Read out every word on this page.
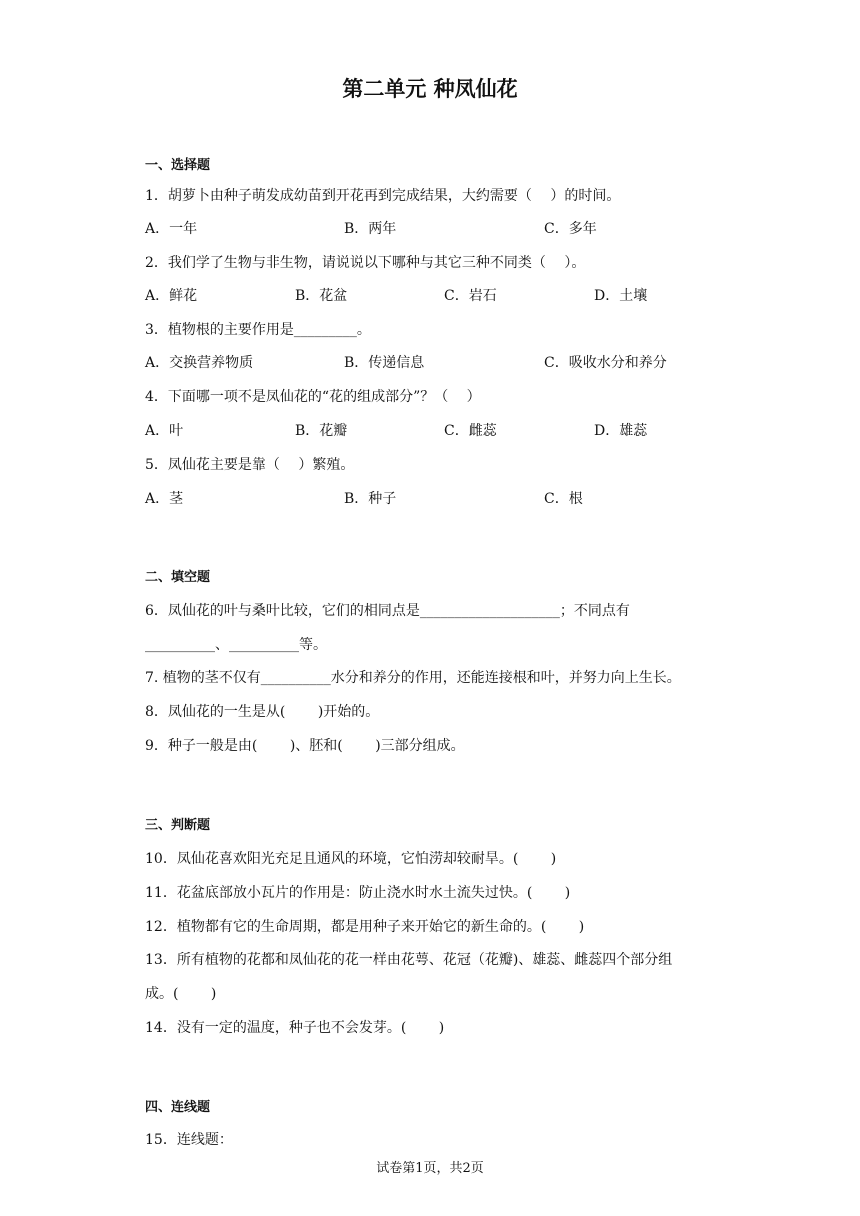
第二单元 种凤仙花
一、选择题
1．胡萝卜由种子萌发成幼苗到开花再到完成结果，大约需要（　 ）的时间。
A．一年	B．两年	C．多年
2．我们学了生物与非生物，请说说以下哪种与其它三种不同类（　 ）。
A．鲜花	B．花盆	C．岩石	D．土壤
3．植物根的主要作用是_________。
A．交换营养物质	B．传递信息	C．吸收水分和养分
4．下面哪一项不是凤仙花的“花的组成部分”？（　 ）
A．叶	B．花瓣	C．雌蕊	D．雄蕊
5．凤仙花主要是靠（　 ）繁殖。
A．茎	B．种子	C．根
二、填空题
6．凤仙花的叶与桑叶比较，它们的相同点是____________________；不同点有
__________、__________等。
7. 植物的茎不仅有__________水分和养分的作用，还能连接根和叶，并努力向上生长。
8．凤仙花的一生是从(　　 )开始的。
9．种子一般是由(　　 )、胚和(　　 )三部分组成。
三、判断题
10．凤仙花喜欢阳光充足且通风的环境，它怕涝却较耐旱。(　　 )
11．花盆底部放小瓦片的作用是：防止浇水时水土流失过快。(　　 )
12．植物都有它的生命周期，都是用种子来开始它的新生命的。(　　 )
13．所有植物的花都和凤仙花的花一样由花萼、花冠（花瓣)、雄蕊、雌蕊四个部分组
成。(　　 )
14．没有一定的温度，种子也不会发芽。(　　 )
四、连线题
15．连线题：
试卷第1页，共2页
